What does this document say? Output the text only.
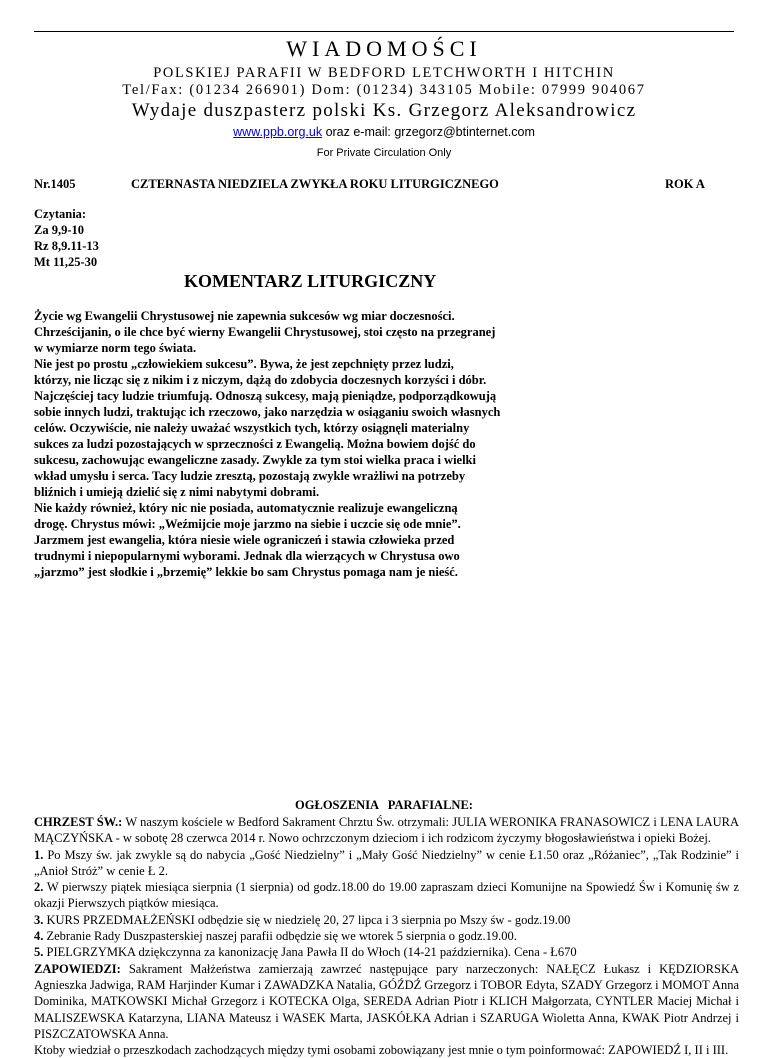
WIADOMOŚCI
POLSKIEJ PARAFII W BEDFORD LETCHWORTH I HITCHIN
Tel/Fax: (01234 266901) Dom: (01234) 343105 Mobile: 07999 904067
Wydaje duszpasterz polski Ks. Grzegorz Aleksandrowicz
www.ppb.org.uk oraz e-mail: grzegorz@btinternet.com
For Private Circulation Only
Nr.1405	CZTERNASTA NIEDZIELA ZWYKŁA ROKU LITURGICZNEGO	ROK A
Czytania:
Za 9,9-10
Rz 8,9.11-13
Mt 11,25-30
KOMENTARZ LITURGICZNY
Życie wg Ewangelii Chrystusowej nie zapewnia sukcesów wg miar doczesności.
Chrześcijanin, o ile chce być wierny Ewangelii Chrystusowej, stoi często na przegranej
w wymiarze norm tego świata.
Nie jest po prostu „człowiekiem sukcesu”. Bywa, że jest zepchnięty przez ludzi,
którzy, nie licząc się z nikim i z niczym, dążą do zdobycia doczesnych korzyści i dóbr.
Najczęściej tacy ludzie triumfują. Odnoszą sukcesy, mają pieniądze, podporządkowują
sobie innych ludzi, traktując ich rzeczowo, jako narzędzia w osiąganiu swoich własnych
celów. Oczywiście, nie należy uważać wszystkich tych, którzy osiągnęli materialny
sukces za ludzi pozostających w sprzeczności z Ewangelią. Można bowiem dojść do
sukcesu, zachowując ewangeliczne zasady. Zwykle za tym stoi wielka praca i wielki
wkład umysłu i serca. Tacy ludzie zresztą, pozostają zwykle wrażliwi na potrzeby
bliźnich i umieją dzielić się z nimi nabytymi dobrami.
Nie każdy również, który nic nie posiada, automatycznie realizuje ewangeliczną
drogę. Chrystus mówi: „Weźmijcie moje jarzmo na siebie i uczcie się ode mnie”.
Jarzmem jest ewangelia, która niesie wiele ograniczeń i stawia człowieka przed
trudnymi i niepopularnymi wyborami. Jednak dla wierzących w Chrystusa owo
„jarzmo” jest słodkie i „brzemię” lekkie bo sam Chrystus pomaga nam je nieść.
OGŁOSZENIA   PARAFIALNE:

CHRZEST ŚW.: W naszym kościele w Bedford Sakrament Chrztu Św. otrzymali: JULIA WERONIKA FRANASOWICZ i LENA LAURA MĄCZYŃSKA - w sobotę 28 czerwca 2014 r. Nowo ochrzczonym dzieciom i ich rodzicom życzymy błogosławieństwa i opieki Bożej.

1. Po Mszy św. jak zwykle są do nabycia „Gość Niedzielny” i „Mały Gość Niedzielny” w cenie Ł1.50 oraz „Różaniec”, „Tak Rodzinie” i „Anioł Stróż” w cenie Ł 2.

2. W pierwszy piątek miesiąca sierpnia (1 sierpnia) od godz.18.00 do 19.00 zapraszam dzieci Komunijne na Spowiedź Św i Komunię św z okazji Pierwszych piątków miesiąca.

3. KURS PRZEDMAŁŻEŃSKI odbędzie się w niedzielę 20, 27 lipca i 3 sierpnia po Mszy św - godz.19.00

4. Zebranie Rady Duszpasterskiej naszej parafii odbędzie się we wtorek 5 sierpnia o godz.19.00.

5. PIELGRZYMKA dziękczynna za kanonizację Jana Pawła II do Włoch (14-21 października). Cena - Ł670

ZAPOWIEDZI: Sakrament Małżeństwa zamierzają zawrzeć następujące pary narzeczonych: NAŁĘCZ Łukasz i KĘDZIORSKA Agnieszka Jadwiga, RAM Harjinder Kumar i ZAWADZKA Natalia, GÓŹDŹ Grzegorz i TOBOR Edyta, SZADY Grzegorz i MOMOT Anna Dominika, MATKOWSKI Michał Grzegorz i KOTECKA Olga, SEREDA Adrian Piotr i KLICH Małgorzata, CYNTLER Maciej Michał i MALISZEWSKA Katarzyna, LIANA Mateusz i WASEK Marta, JASKÓŁKA Adrian i SZARUGA Wioletta Anna, KWAK Piotr Andrzej i PISZCZATOWSKA Anna.

Ktoby wiedział o przeszkodach zachodzących między tymi osobami zobowiązany jest mnie o tym poinformować: ZAPOWIEDŹ I, II i III.
